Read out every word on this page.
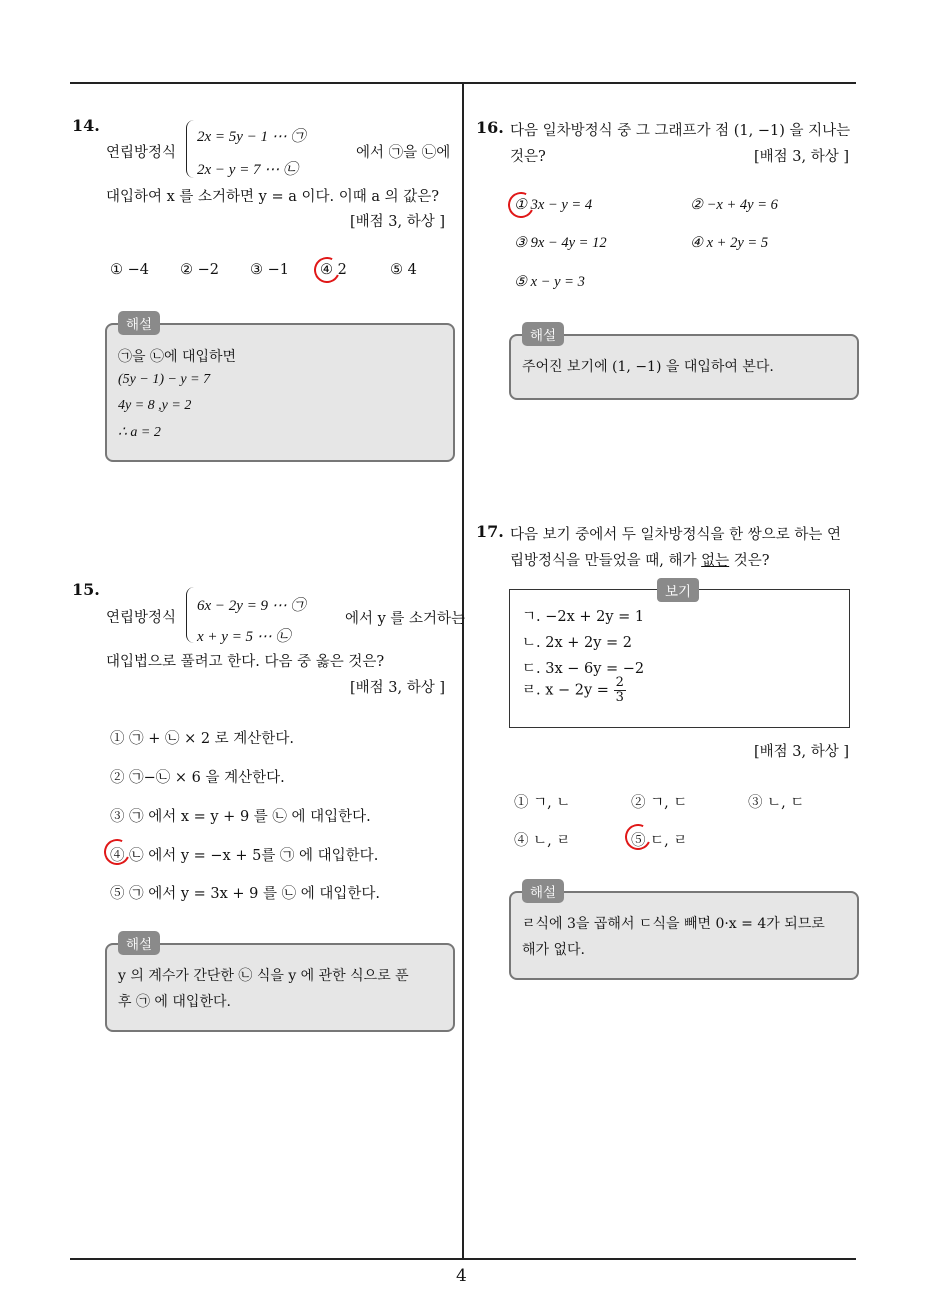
4
14.
연립방정식
2x = 5y − 1 ⋯ ㉠
2x − y = 7 ⋯ ㉡
에서 ㉠을 ㉡에
대입하여 x 를 소거하면 y = a 이다. 이때 a 의 값은?
[배점 3, 하상 ]
① −4 ② −2 ③ −1 ④ 2	⑤ 4
해설
㉠을 ㉡에 대입하면
(5y − 1) − y = 7
4y = 8 ,y = 2
∴ a = 2
15.
연립방정식
6x − 2y = 9 ⋯ ㉠
x + y = 5 ⋯ ㉡
에서 y 를 소거하는
대입법으로 풀려고 한다. 다음 중 옳은 것은?
[배점 3, 하상 ]
① ㉠ + ㉡ × 2 로 계산한다.
② ㉠−㉡ × 6 을 계산한다.
③ ㉠ 에서 x = y + 9 를 ㉡ 에 대입한다.
④ ㉡ 에서 y = −x + 5를 ㉠ 에 대입한다.
⑤ ㉠ 에서 y = 3x + 9 를 ㉡ 에 대입한다.
해설
y 의 계수가 간단한 ㉡ 식을 y 에 관한 식으로 푼
후 ㉠ 에 대입한다.
16. 다음 일차방정식 중 그 그래프가 점 (1, −1) 을 지나는
것은?	[배점 3, 하상 ]
① 3x − y = 4	② −x + 4y = 6
③ 9x − 4y = 12	④ x + 2y = 5
⑤ x − y = 3
해설
주어진 보기에 (1, −1) 을 대입하여 본다.
17. 다음 보기 중에서 두 일차방정식을 한 쌍으로 하는 연
립방정식을 만들었을 때, 해가 없는 것은?
보기
ㄱ. −2x + 2y = 1
ㄴ. 2x + 2y = 2
ㄷ. 3x − 6y = −2
ㄹ. $x - 2y = \frac{2}{3}$
[배점 3, 하상 ]
① ㄱ, ㄴ	② ㄱ, ㄷ	③ ㄴ, ㄷ
④ ㄴ, ㄹ	⑤ ㄷ, ㄹ
해설
ㄹ식에 3을 곱해서 ㄷ식을 빼면 0·x = 4가 되므로
해가 없다.
